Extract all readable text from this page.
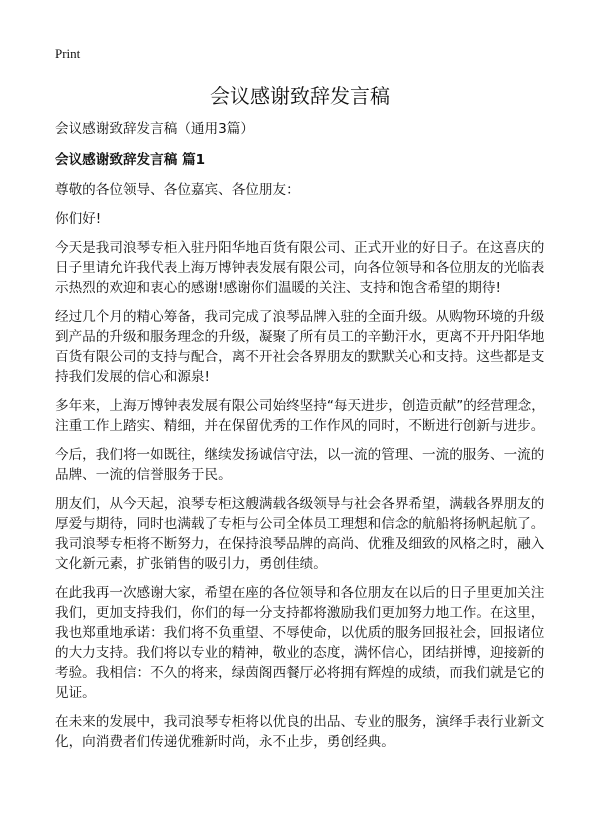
Print
会议感谢致辞发言稿

会议感谢致辞发言稿（通用3篇）

会议感谢致辞发言稿 篇1

尊敬的各位领导、各位嘉宾、各位朋友：

你们好!

今天是我司浪琴专柜入驻丹阳华地百货有限公司、正式开业的好日子。在这喜庆的日子里请允许我代表上海万博钟表发展有限公司，向各位领导和各位朋友的光临表示热烈的欢迎和衷心的感谢!感谢你们温暖的关注、支持和饱含希望的期待!

经过几个月的精心筹备，我司完成了浪琴品牌入驻的全面升级。从购物环境的升级到产品的升级和服务理念的升级，凝聚了所有员工的辛勤汗水，更离不开丹阳华地百货有限公司的支持与配合，离不开社会各界朋友的默默关心和支持。这些都是支持我们发展的信心和源泉!

多年来，上海万博钟表发展有限公司始终坚持“每天进步，创造贡献”的经营理念，注重工作上踏实、精细，并在保留优秀的工作作风的同时，不断进行创新与进步。

今后，我们将一如既往，继续发扬诚信守法，以一流的管理、一流的服务、一流的品牌、一流的信誉服务于民。

朋友们，从今天起，浪琴专柜这艘满载各级领导与社会各界希望，满载各界朋友的厚爱与期待，同时也满载了专柜与公司全体员工理想和信念的航船将扬帆起航了。我司浪琴专柜将不断努力，在保持浪琴品牌的高尚、优雅及细致的风格之时，融入文化新元素，扩张销售的吸引力，勇创佳绩。

在此我再一次感谢大家，希望在座的各位领导和各位朋友在以后的日子里更加关注我们，更加支持我们，你们的每一分支持都将激励我们更加努力地工作。在这里，我也郑重地承诺：我们将不负重望、不辱使命，以优质的服务回报社会，回报诸位的大力支持。我们将以专业的精神，敬业的态度，满怀信心，团结拼博，迎接新的考验。我相信：不久的将来，绿茵阁西餐厅必将拥有辉煌的成绩，而我们就是它的见证。

在未来的发展中，我司浪琴专柜将以优良的出品、专业的服务，演绎手表行业新文化，向消费者们传递优雅新时尚，永不止步，勇创经典。
